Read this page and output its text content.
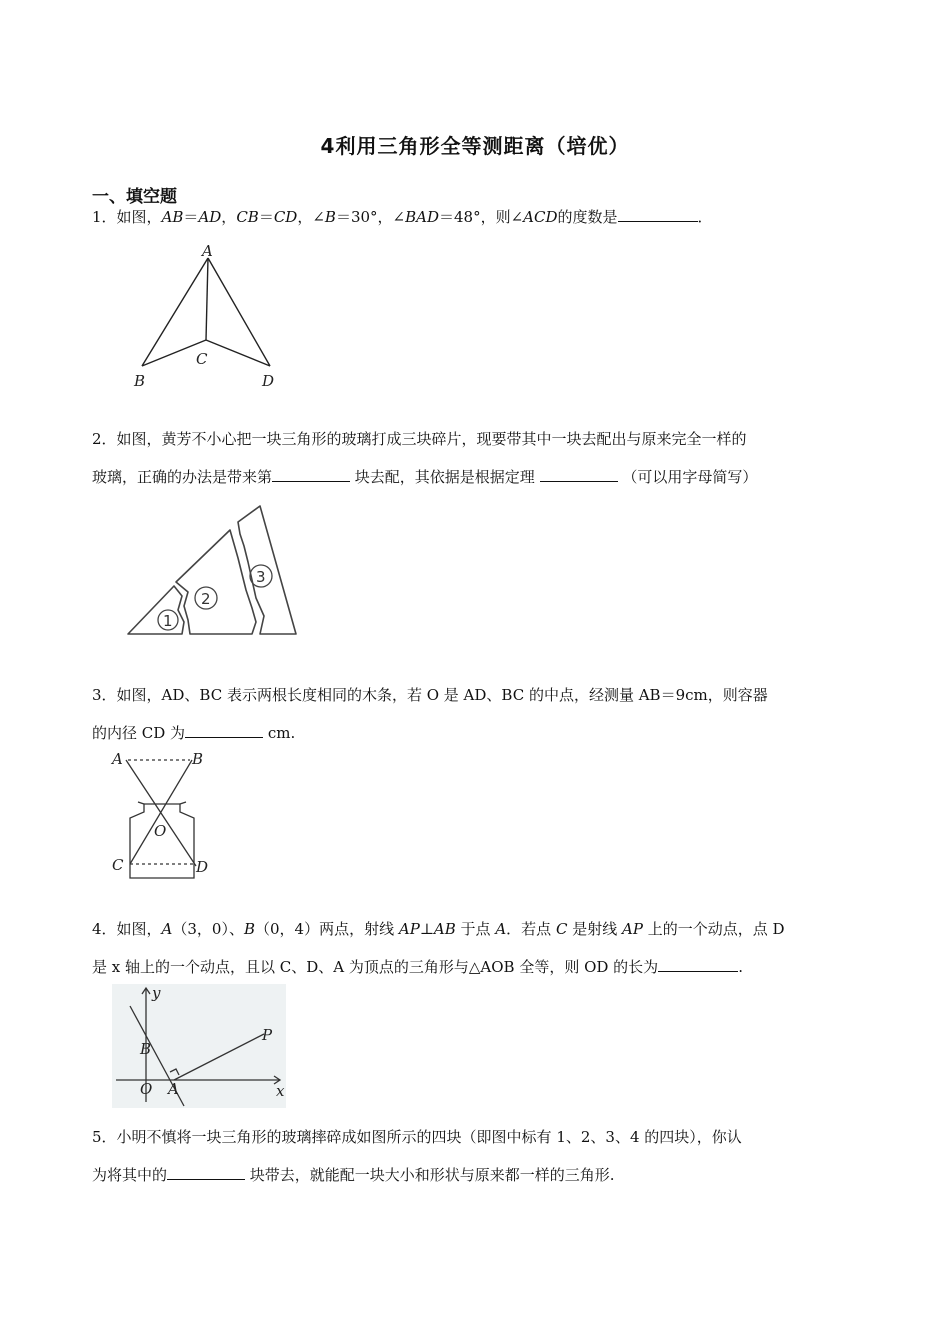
4利用三角形全等测距离（培优）
一、填空题
1．如图，AB＝AD，CB＝CD，∠B＝30°，∠BAD＝48°，则∠ACD的度数是	．
A
B
C
D
2．如图，黄芳不小心把一块三角形的玻璃打成三块碎片，现要带其中一块去配出与原来完全一样的
玻璃，正确的办法是带来第	块去配，其依据是根据定理	（可以用字母简写）
1
2
3
3．如图，AD、BC 表示两根长度相同的木条，若 O 是 AD、BC 的中点，经测量 AB＝9cm，则容器
的内径 CD 为	cm.
A	B
O
C	D
4．如图，A（3，0）、B（0，4）两点，射线 AP⊥AB 于点 A．若点 C 是射线 AP 上的一个动点，点 D
是 x 轴上的一个动点，且以 C、D、A 为顶点的三角形与△AOB 全等，则 OD 的长为	.
y
x
B
O A
P
5．小明不慎将一块三角形的玻璃摔碎成如图所示的四块（即图中标有 1、2、3、4 的四块），你认
为将其中的	块带去，就能配一块大小和形状与原来都一样的三角形.
